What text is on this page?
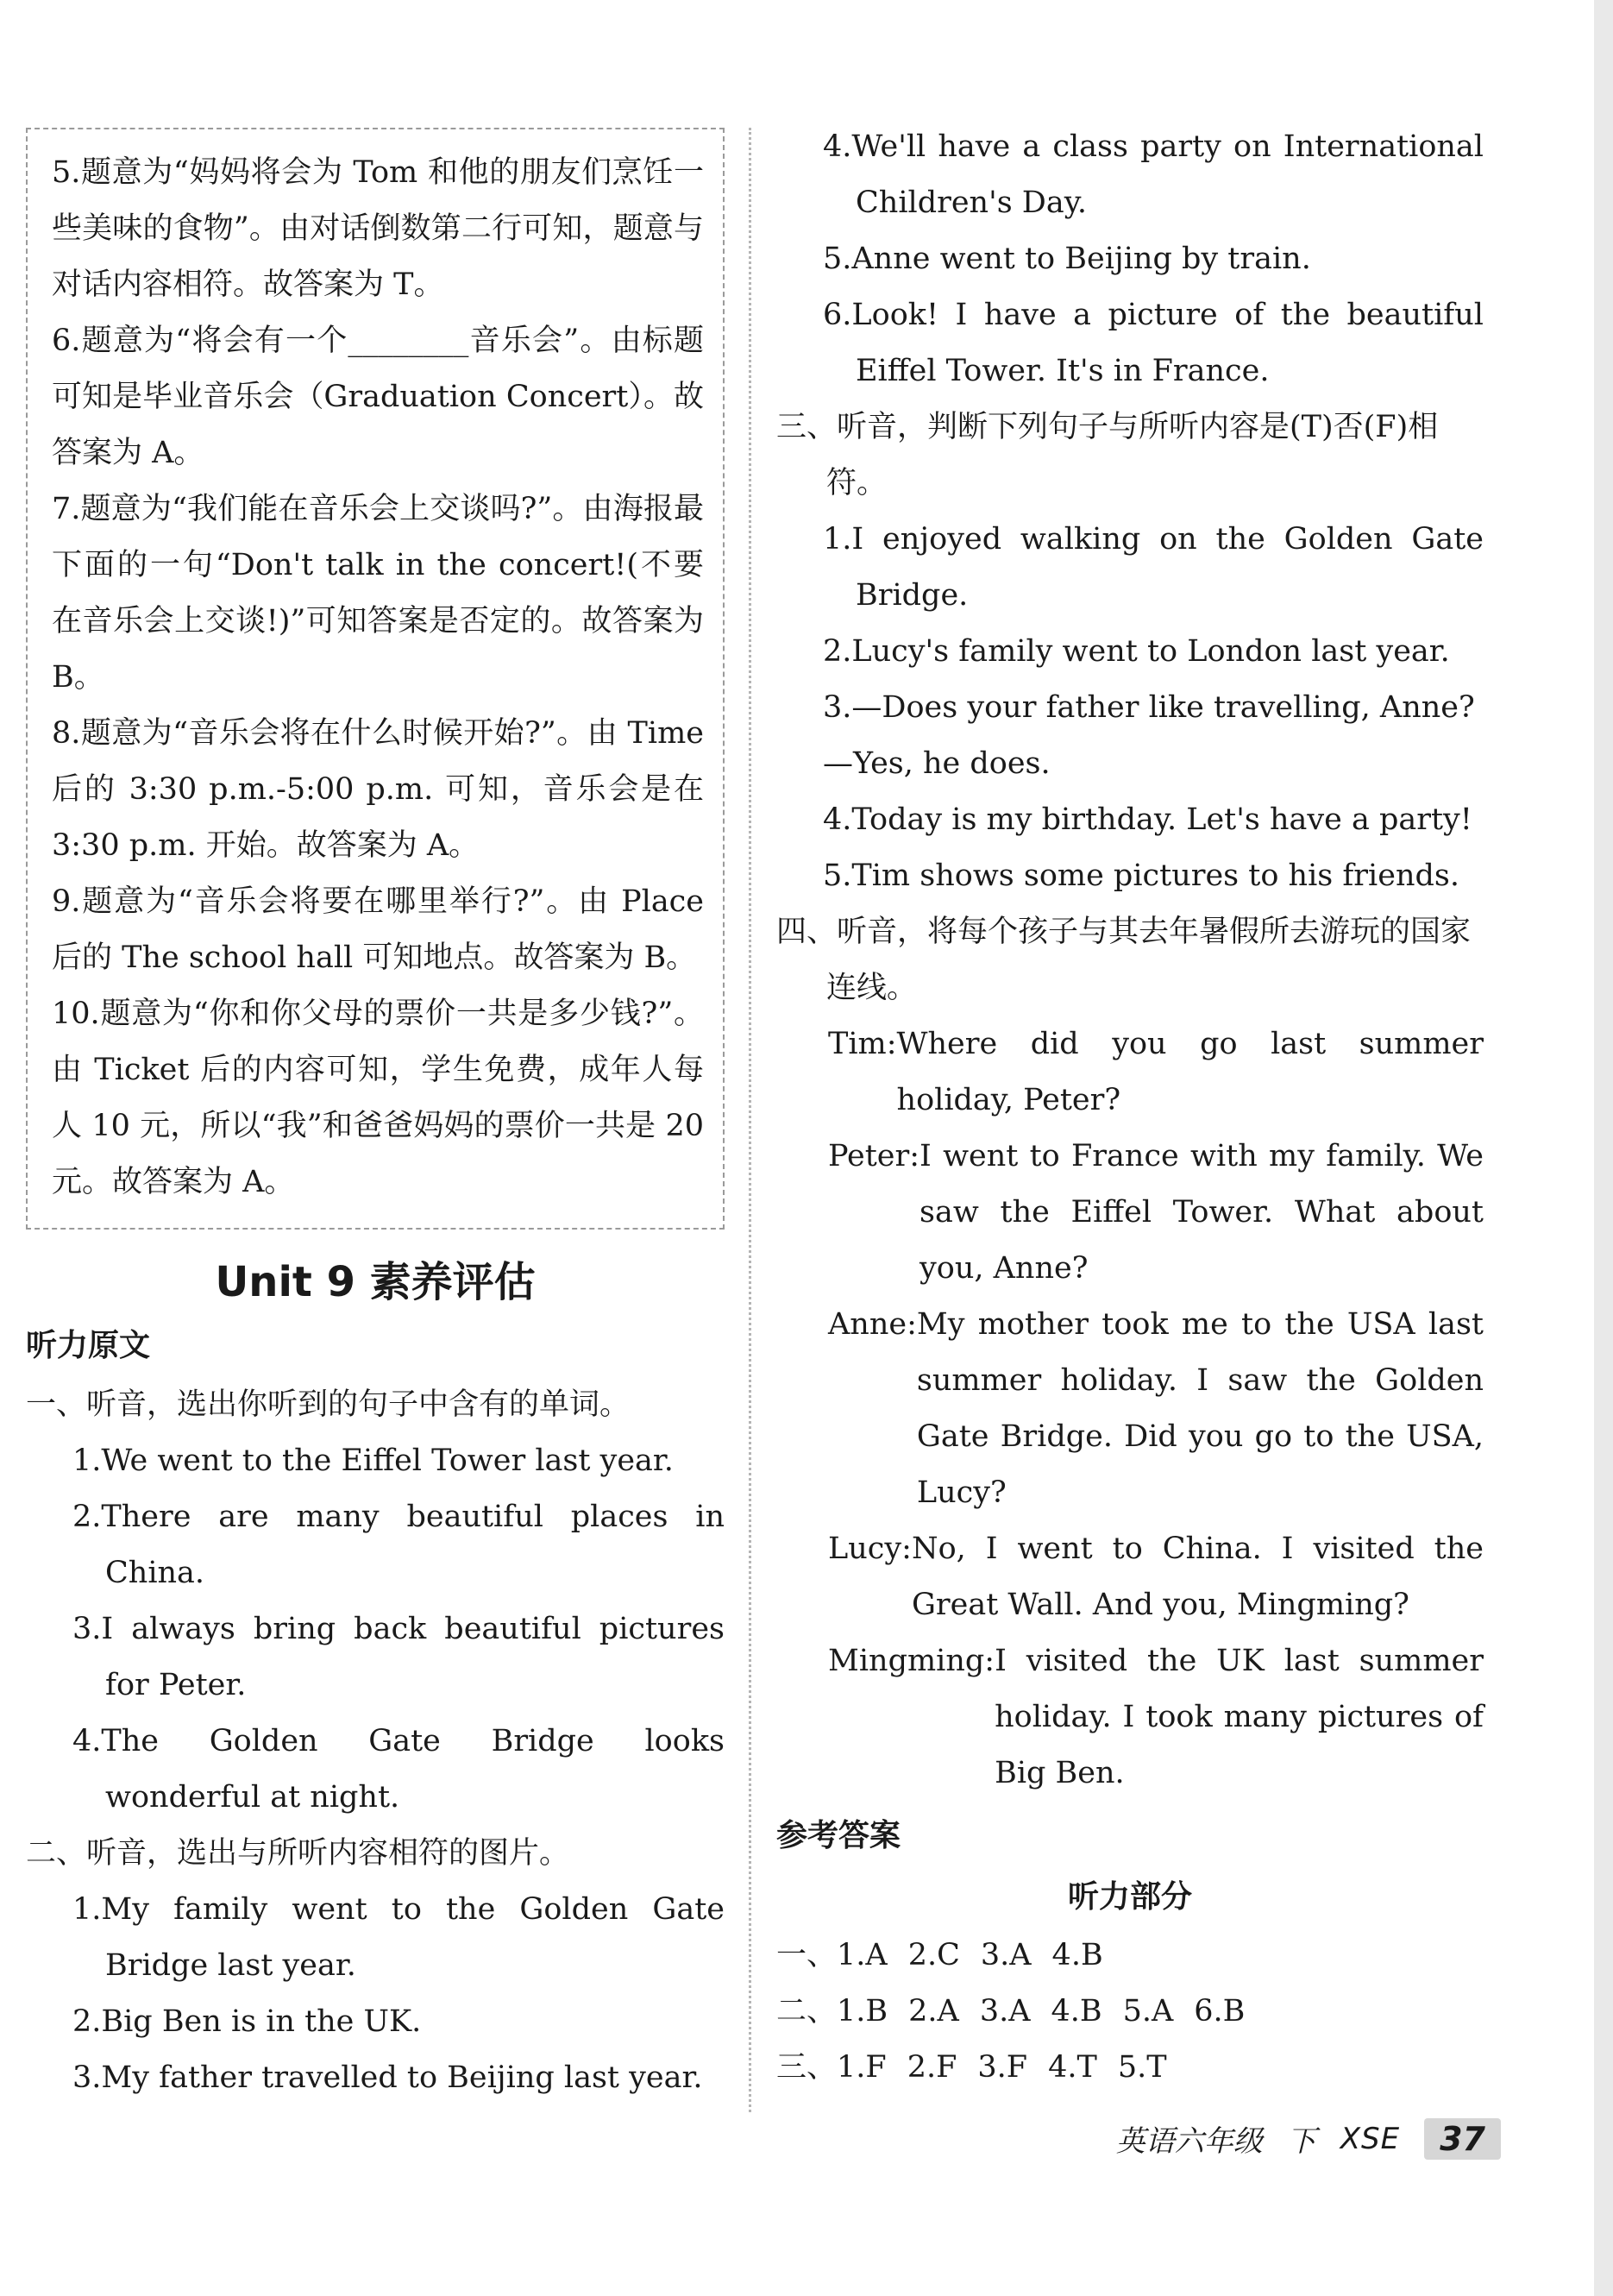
5.题意为“妈妈将会为 Tom 和他的朋友们烹饪一些美味的食物”。由对话倒数第二行可知，题意与对话内容相符。故答案为 T。

6.题意为“将会有一个________音乐会”。由标题可知是毕业音乐会（Graduation Concert）。故答案为 A。

7.题意为“我们能在音乐会上交谈吗?”。由海报最下面的一句“Don't talk in the concert!(不要在音乐会上交谈!)”可知答案是否定的。故答案为 B。

8.题意为“音乐会将在什么时候开始?”。由 Time 后的 3:30 p.m.-5:00 p.m. 可知，音乐会是在 3:30 p.m. 开始。故答案为 A。

9.题意为“音乐会将要在哪里举行?”。由 Place 后的 The school hall 可知地点。故答案为 B。

10.题意为“你和你父母的票价一共是多少钱?”。由 Ticket 后的内容可知，学生免费，成年人每人 10 元，所以“我”和爸爸妈妈的票价一共是 20 元。故答案为 A。

Unit 9 素养评估
听力原文
一、听音，选出你听到的句子中含有的单词。
1.We went to the Eiffel Tower last year.
2.There are many beautiful places in China.
3.I always bring back beautiful pictures for Peter.
4.The Golden Gate Bridge looks wonderful at night.
二、听音，选出与所听内容相符的图片。
1.My family went to the Golden Gate Bridge last year.
2.Big Ben is in the UK.
3.My father travelled to Beijing last year.
4.We'll have a class party on International Children's Day.
5.Anne went to Beijing by train.
6.Look! I have a picture of the beautiful Eiffel Tower. It's in France.
三、听音，判断下列句子与所听内容是(T)否(F)相符。
1.I enjoyed walking on the Golden Gate Bridge.
2.Lucy's family went to London last year.
3.—Does your father like travelling, Anne?
—Yes, he does.
4.Today is my birthday. Let's have a party!
5.Tim shows some pictures to his friends.
四、听音，将每个孩子与其去年暑假所去游玩的国家连线。
Tim: Where did you go last summer holiday, Peter?
Peter: I went to France with my family. We saw the Eiffel Tower. What about you, Anne?
Anne: My mother took me to the USA last summer holiday. I saw the Golden Gate Bridge. Did you go to the USA, Lucy?
Lucy: No, I went to China. I visited the Great Wall. And you, Mingming?
Mingming: I visited the UK last summer holiday. I took many pictures of Big Ben.
参考答案
听力部分
一、1.A 2.C 3.A 4.B
二、1.B 2.A 3.A 4.B 5.A 6.B
三、1.F 2.F 3.F 4.T 5.T
英语六年级 下 XSE	37
